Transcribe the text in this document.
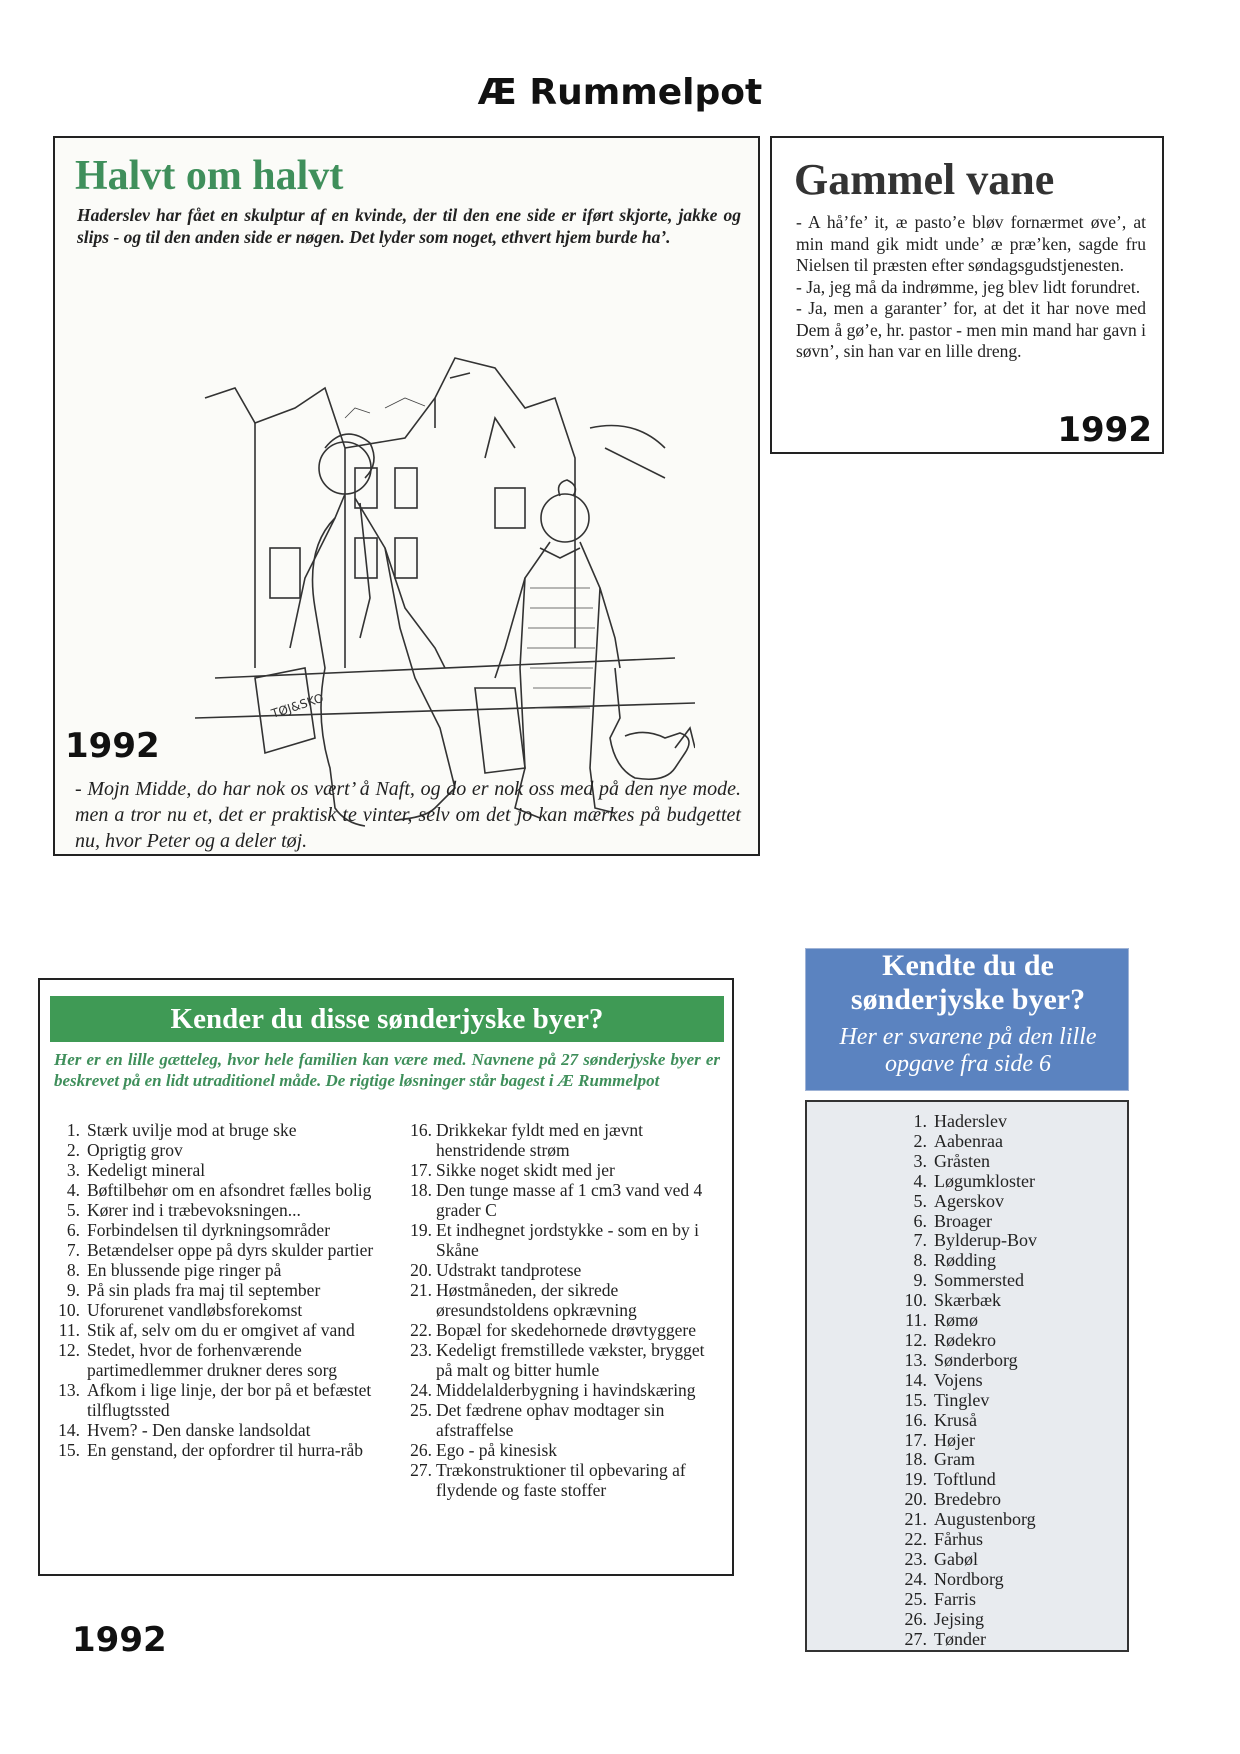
Æ Rummelpot
Halvt om halvt
Haderslev har fået en skulptur af en kvinde, der til den ene side er iført skjorte, jakke og slips - og til den anden side er nøgen. Det lyder som noget, ethvert hjem burde ha’.
TØJ&SKO
1992
- Mojn Midde, do har nok os vært’ å Naft, og do er nok oss med på den nye mode. men a tror nu et, det er praktisk te vinter, selv om det jo kan mærkes på budgettet nu, hvor Peter og a deler tøj.
Gammel vane

- A hå’fe’ it, æ pasto’e bløv fornærmet øve’, at min mand gik midt unde’ æ præ’ken, sagde fru Nielsen til præsten efter søndagsgudstjenesten.

- Ja, jeg må da indrømme, jeg blev lidt forundret.

- Ja, men a garanter’ for, at det it har nove med Dem å gø’e, hr. pastor - men min mand har gavn i søvn’, sin han var en lille dreng.

1992
Kender du disse sønderjyske byer?
Her er en lille gætteleg, hvor hele familien kan være med. Navnene på 27 sønderjyske byer er beskrevet på en lidt utraditionel måde. De rigtige løsninger står bagest i Æ Rummelpot
1. Stærk uvilje mod at bruge ske
2. Oprigtig grov
3. Kedeligt mineral
4. Bøftilbehør om en afsondret fælles bolig
5. Kører ind i træbevoksningen...
6. Forbindelsen til dyrkningsområder
7. Betændelser oppe på dyrs skulder partier
8. En blussende pige ringer på
9. På sin plads fra maj til september
10. Uforurenet vandløbsforekomst
11. Stik af, selv om du er omgivet af vand
12. Stedet, hvor de forhenværende partimedlemmer drukner deres sorg
13. Afkom i lige linje, der bor på et befæstet tilflugtssted
14. Hvem? - Den danske landsoldat
15. En genstand, der opfordrer til hurra-råb
16. Drikkekar fyldt med en jævnt henstridende strøm
17. Sikke noget skidt med jer
18. Den tunge masse af 1 cm3 vand ved 4 grader C
19. Et indhegnet jordstykke - som en by i Skåne
20. Udstrakt tandprotese
21. Høstmåneden, der sikrede øresundstoldens opkrævning
22. Bopæl for skedehornede drøvtyggere
23. Kedeligt fremstillede vækster, brygget på malt og bitter humle
24. Middelalderbygning i havindskæring
25. Det fædrene ophav modtager sin afstraffelse
26. Ego - på kinesisk
27. Trækonstruktioner til opbevaring af flydende og faste stoffer
Kendte du de sønderjyske byer?
Her er svarene på den lille opgave fra side 6
1. Haderslev
2. Aabenraa
3. Gråsten
4. Løgumkloster
5. Agerskov
6. Broager
7. Bylderup-Bov
8. Rødding
9. Sommersted
10. Skærbæk
11. Rømø
12. Rødekro
13. Sønderborg
14. Vojens
15. Tinglev
16. Kruså
17. Højer
18. Gram
19. Toftlund
20. Bredebro
21. Augustenborg
22. Fårhus
23. Gabøl
24. Nordborg
25. Farris
26. Jejsing
27. Tønder
1992
